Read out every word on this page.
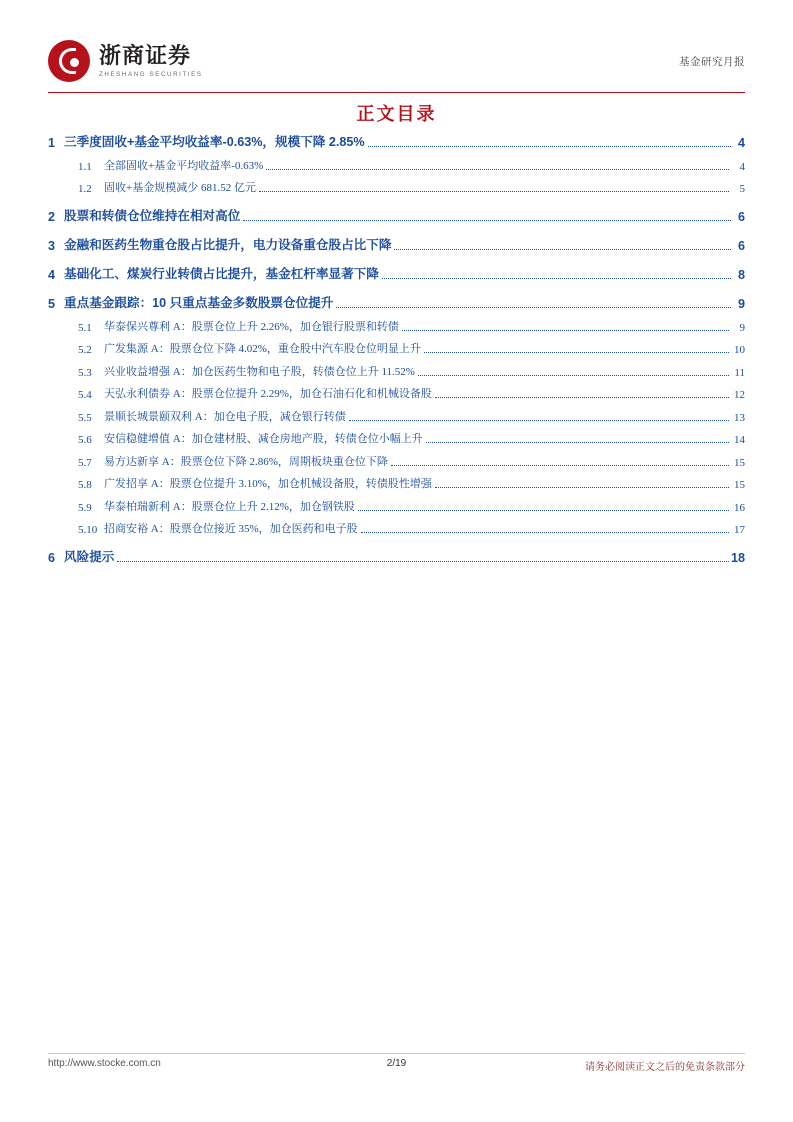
浙商证券
ZHESHANG SECURITIES
基金研究月报
正文目录
1 三季度固收+基金平均收益率-0.63%，规模下降 2.85%	4
1.1	全部固收+基金平均收益率-0.63%	4
1.2	固收+基金规模减少 681.52 亿元	5
2 股票和转债仓位维持在相对高位	6
3 金融和医药生物重仓股占比提升，电力设备重仓股占比下降	6
4 基础化工、煤炭行业转债占比提升，基金杠杆率显著下降	8
5 重点基金跟踪：10 只重点基金多数股票仓位提升	9
5.1	华泰保兴尊利 A：股票仓位上升 2.26%，加仓银行股票和转债	9
5.2	广发集源 A：股票仓位下降 4.02%，重仓股中汽车股仓位明显上升	10
5.3	兴业收益增强 A：加仓医药生物和电子股，转债仓位上升 11.52%	11
5.4	天弘永利债券 A：股票仓位提升 2.29%，加仓石油石化和机械设备股	12
5.5	景顺长城景颐双利 A：加仓电子股，减仓银行转债	13
5.6	安信稳健增值 A：加仓建材股、减仓房地产股，转债仓位小幅上升	14
5.7	易方达新享 A：股票仓位下降 2.86%，周期板块重仓位下降	15
5.8	广发招享 A：股票仓位提升 3.10%，加仓机械设备股，转债股性增强	15
5.9	华泰柏瑞新利 A：股票仓位上升 2.12%，加仓钢铁股	16
5.10 招商安裕 A：股票仓位接近 35%，加仓医药和电子股	17
6 风险提示	18
http://www.stocke.com.cn	2/19	请务必阅读正文之后的免责条款部分
